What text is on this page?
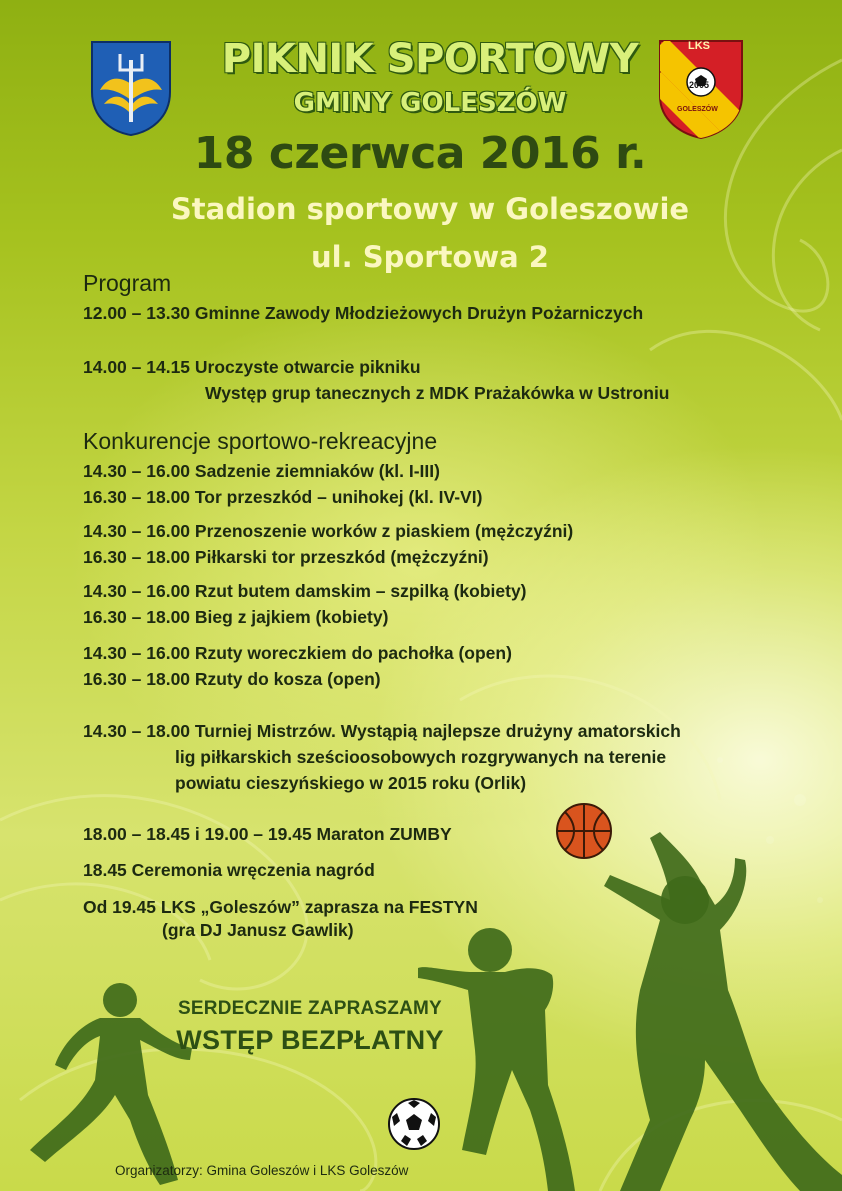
LKS
2005
GOLESZÓW
PIKNIK SPORTOWY
GMINY GOLESZÓW
18 czerwca 2016 r.
Stadion sportowy w Goleszowie
ul. Sportowa 2
Program
12.00 – 13.30 Gminne Zawody Młodzieżowych Drużyn Pożarniczych
14.00 – 14.15 Uroczyste otwarcie pikniku
Występ grup tanecznych z MDK Prażakówka w Ustroniu
Konkurencje sportowo-rekreacyjne
14.30 – 16.00 Sadzenie ziemniaków (kl. I-III)
16.30 – 18.00 Tor przeszkód – unihokej (kl. IV-VI)
14.30 – 16.00 Przenoszenie worków z piaskiem (mężczyźni)
16.30 – 18.00 Piłkarski tor przeszkód (mężczyźni)
14.30 – 16.00 Rzut butem damskim – szpilką (kobiety)
16.30 – 18.00 Bieg z jajkiem (kobiety)
14.30 – 16.00 Rzuty woreczkiem do pachołka (open)
16.30 – 18.00 Rzuty do kosza (open)
14.30 – 18.00 Turniej Mistrzów. Wystąpią najlepsze drużyny amatorskich
lig piłkarskich sześcioosobowych rozgrywanych na terenie
powiatu cieszyńskiego w 2015 roku (Orlik)
18.00 – 18.45 i 19.00 – 19.45 Maraton ZUMBY
18.45 Ceremonia wręczenia nagród
Od 19.45 LKS „Goleszów” zaprasza na FESTYN
(gra DJ Janusz Gawlik)
SERDECZNIE ZAPRASZAMY
WSTĘP BEZPŁATNY
Organizatorzy: Gmina Goleszów i LKS Goleszów
